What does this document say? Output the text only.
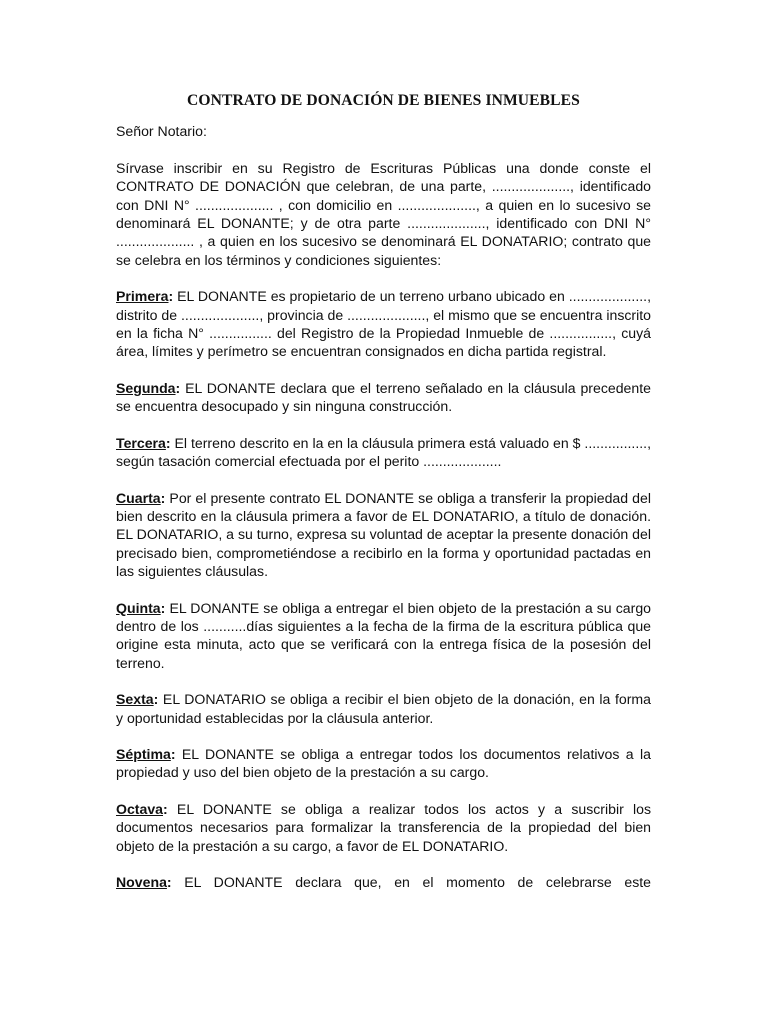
CONTRATO DE DONACIÓN DE BIENES INMUEBLES
Señor Notario:
Sírvase inscribir en su Registro de Escrituras Públicas una donde conste el CONTRATO DE DONACIÓN que celebran, de una parte, ...................., identificado con DNI N° .................... , con domicilio en ...................., a quien en lo sucesivo se denominará EL DONANTE; y de otra parte ...................., identificado con DNI N° .................... , a quien en los sucesivo se denominará EL DONATARIO; contrato que se celebra en los términos y condiciones siguientes:
Primera: EL DONANTE es propietario de un terreno urbano ubicado en ...................., distrito de ...................., provincia de ...................., el mismo que se encuentra inscrito en la ficha N° ................ del Registro de la Propiedad Inmueble de ................, cuyá área, límites y perímetro se encuentran consignados en dicha partida registral.
Segunda: EL DONANTE declara que el terreno señalado en la cláusula precedente se encuentra desocupado y sin ninguna construcción.
Tercera: El terreno descrito en la en la cláusula primera está valuado en $ ................, según tasación comercial efectuada por el perito ....................
Cuarta: Por el presente contrato EL DONANTE se obliga a transferir la propiedad del bien descrito en la cláusula primera a favor de EL DONATARIO, a título de donación. EL DONATARIO, a su turno, expresa su voluntad de aceptar la presente donación del precisado bien, comprometiéndose a recibirlo en la forma y oportunidad pactadas en las siguientes cláusulas.
Quinta: EL DONANTE se obliga a entregar el bien objeto de la prestación a su cargo dentro de los ...........días siguientes a la fecha de la firma de la escritura pública que origine esta minuta, acto que se verificará con la entrega física de la posesión del terreno.
Sexta: EL DONATARIO se obliga a recibir el bien objeto de la donación, en la forma y oportunidad establecidas por la cláusula anterior.
Séptima: EL DONANTE se obliga a entregar todos los documentos relativos a la propiedad y uso del bien objeto de la prestación a su cargo.
Octava: EL DONANTE se obliga a realizar todos los actos y a suscribir los documentos necesarios para formalizar la transferencia de la propiedad del bien objeto de la prestación a su cargo, a favor de EL DONATARIO.
Novena: EL DONANTE declara que, en el momento de celebrarse este
